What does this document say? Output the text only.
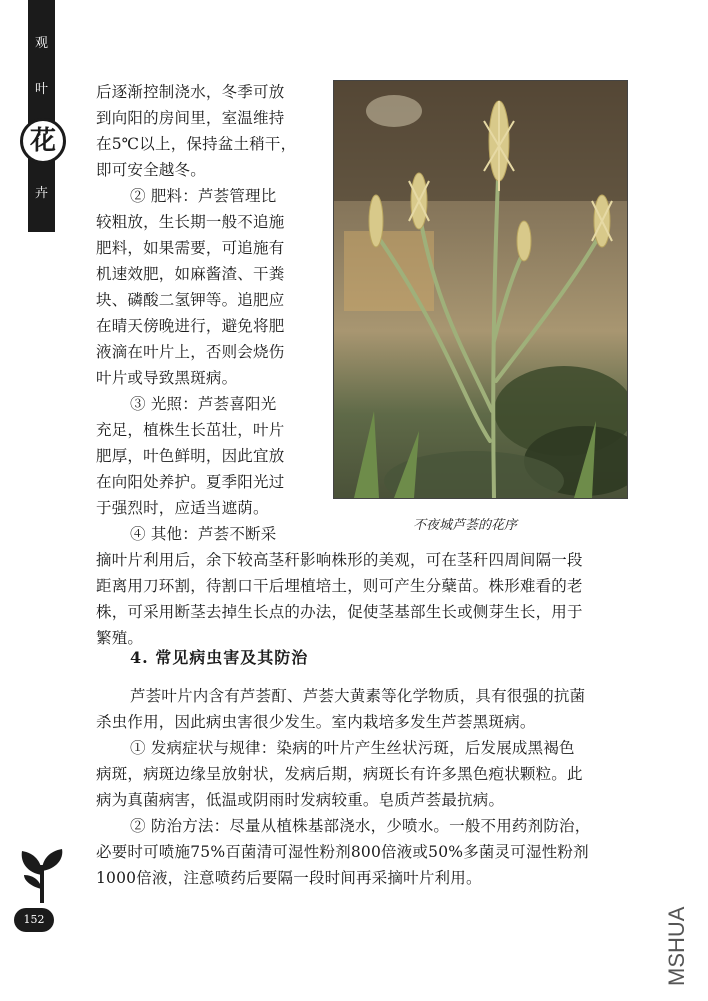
观
叶
卉
花

后逐渐控制浇水，冬季可放

到向阳的房间里，室温维持

在5℃以上，保持盆土稍干，

即可安全越冬。

② 肥料：芦荟管理比

较粗放，生长期一般不追施

肥料，如果需要，可追施有

机速效肥，如麻酱渣、干粪

块、磷酸二氢钾等。追肥应

在晴天傍晚进行，避免将肥

液滴在叶片上，否则会烧伤

叶片或导致黑斑病。

③ 光照：芦荟喜阳光

充足，植株生长茁壮，叶片

肥厚，叶色鲜明，因此宜放

在向阳处养护。夏季阳光过

于强烈时，应适当遮荫。

④ 其他：芦荟不断采	不夜城芦荟的花序

摘叶片利用后，余下较高茎秆影响株形的美观，可在茎秆四周间隔一段

距离用刀环割，待割口干后埋植培土，则可产生分蘖苗。株形难看的老

株，可采用断茎去掉生长点的办法，促使茎基部生长或侧芽生长，用于

繁殖。

4. 常见病虫害及其防治

芦荟叶片内含有芦荟酊、芦荟大黄素等化学物质，具有很强的抗菌

杀虫作用，因此病虫害很少发生。室内栽培多发生芦荟黑斑病。

① 发病症状与规律：染病的叶片产生丝状污斑，后发展成黑褐色

病斑，病斑边缘呈放射状，发病后期，病斑长有许多黑色疱状颗粒。此

病为真菌病害，低温或阴雨时发病较重。皂质芦荟最抗病。

② 防治方法：尽量从植株基部浇水，少喷水。一般不用药剂防治，

必要时可喷施75%百菌清可湿性粉剂800倍液或50%多菌灵可湿性粉剂

1000倍液，注意喷药后要隔一段时间再采摘叶片利用。

152	MSHUA
